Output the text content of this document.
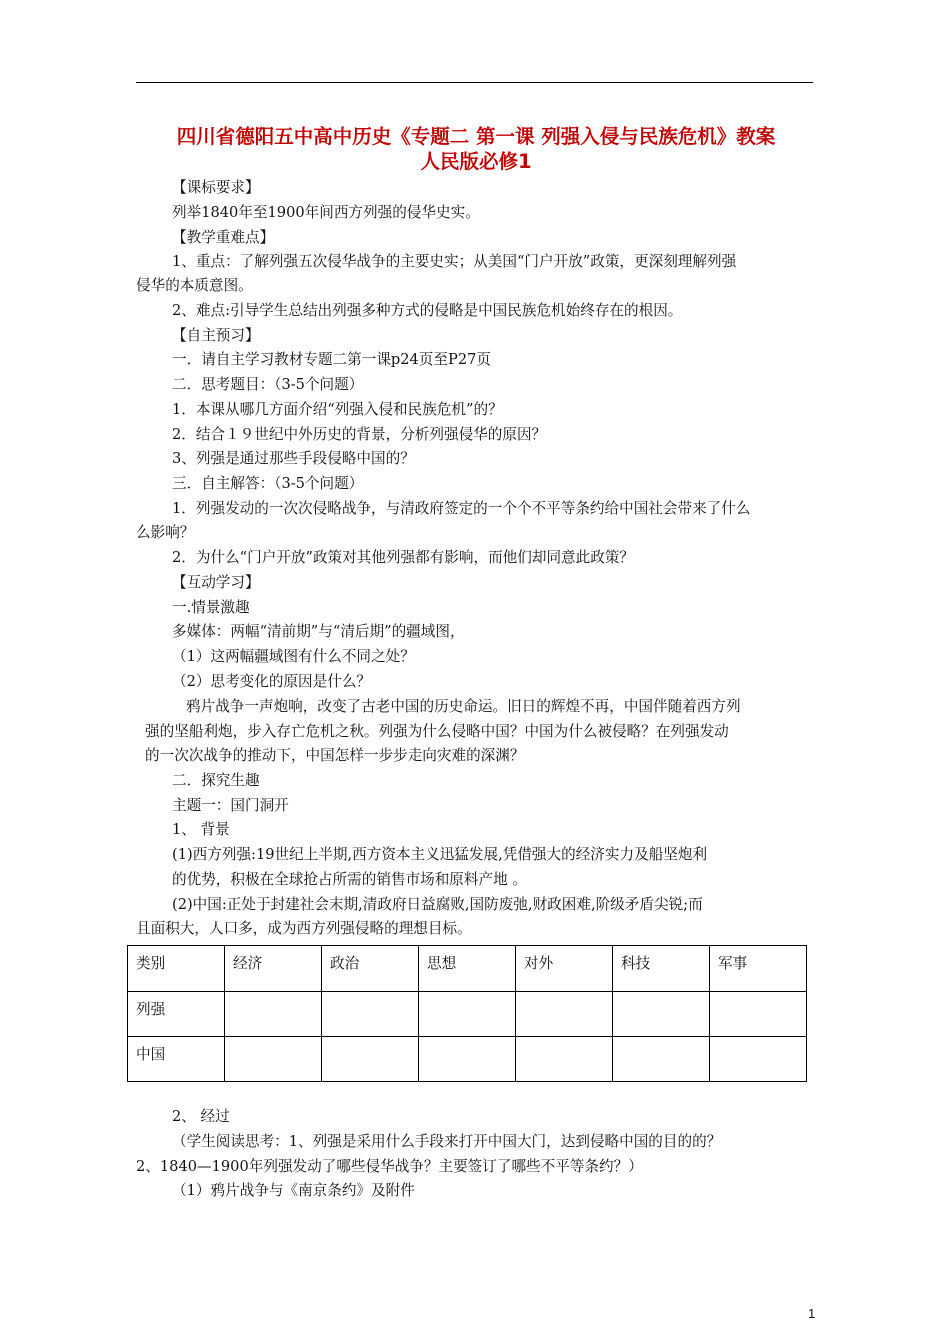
四川省德阳五中高中历史《专题二 第一课 列强入侵与民族危机》教案
人民版必修1
【课标要求】
列举1840年至1900年间西方列强的侵华史实。
【教学重难点】
1、重点：了解列强五次侵华战争的主要史实；从美国“门户开放”政策，更深刻理解列强
侵华的本质意图。
2、难点:引导学生总结出列强多种方式的侵略是中国民族危机始终存在的根因。
【自主预习】
一．请自主学习教材专题二第一课p24页至P27页
二．思考题目：（3-5个问题）
1．本课从哪几方面介绍“列强入侵和民族危机”的？
2．结合１９世纪中外历史的背景，分析列强侵华的原因？
3、列强是通过那些手段侵略中国的？
三．自主解答：（3-5个问题）
1．列强发动的一次次侵略战争，与清政府签定的一个个不平等条约给中国社会带来了什么
么影响？
2．为什么“门户开放”政策对其他列强都有影响，而他们却同意此政策？
【互动学习】
一.情景激趣
多媒体：两幅“清前期”与“清后期”的疆域图，
（1）这两幅疆域图有什么不同之处？
（2）思考变化的原因是什么？
鸦片战争一声炮响，改变了古老中国的历史命运。旧日的辉煌不再，中国伴随着西方列
强的坚船利炮，步入存亡危机之秋。列强为什么侵略中国？中国为什么被侵略？在列强发动
的一次次战争的推动下，中国怎样一步步走向灾难的深渊？
二．探究生趣
主题一：国门洞开
1、 背景
(1)西方列强:19世纪上半期,西方资本主义迅猛发展,凭借强大的经济实力及船坚炮利
的优势，积极在全球抢占所需的销售市场和原料产地 。
(2)中国:正处于封建社会末期,清政府日益腐败,国防废弛,财政困难,阶级矛盾尖锐;而
且面积大，人口多，成为西方列强侵略的理想目标。
类别	经济	政治	思想	对外	科技	军事
列强						
中国						
2、 经过
（学生阅读思考：1、列强是采用什么手段来打开中国大门，达到侵略中国的目的的？
2、1840—1900年列强发动了哪些侵华战争？主要签订了哪些不平等条约？）
（1）鸦片战争与《南京条约》及附件
1
